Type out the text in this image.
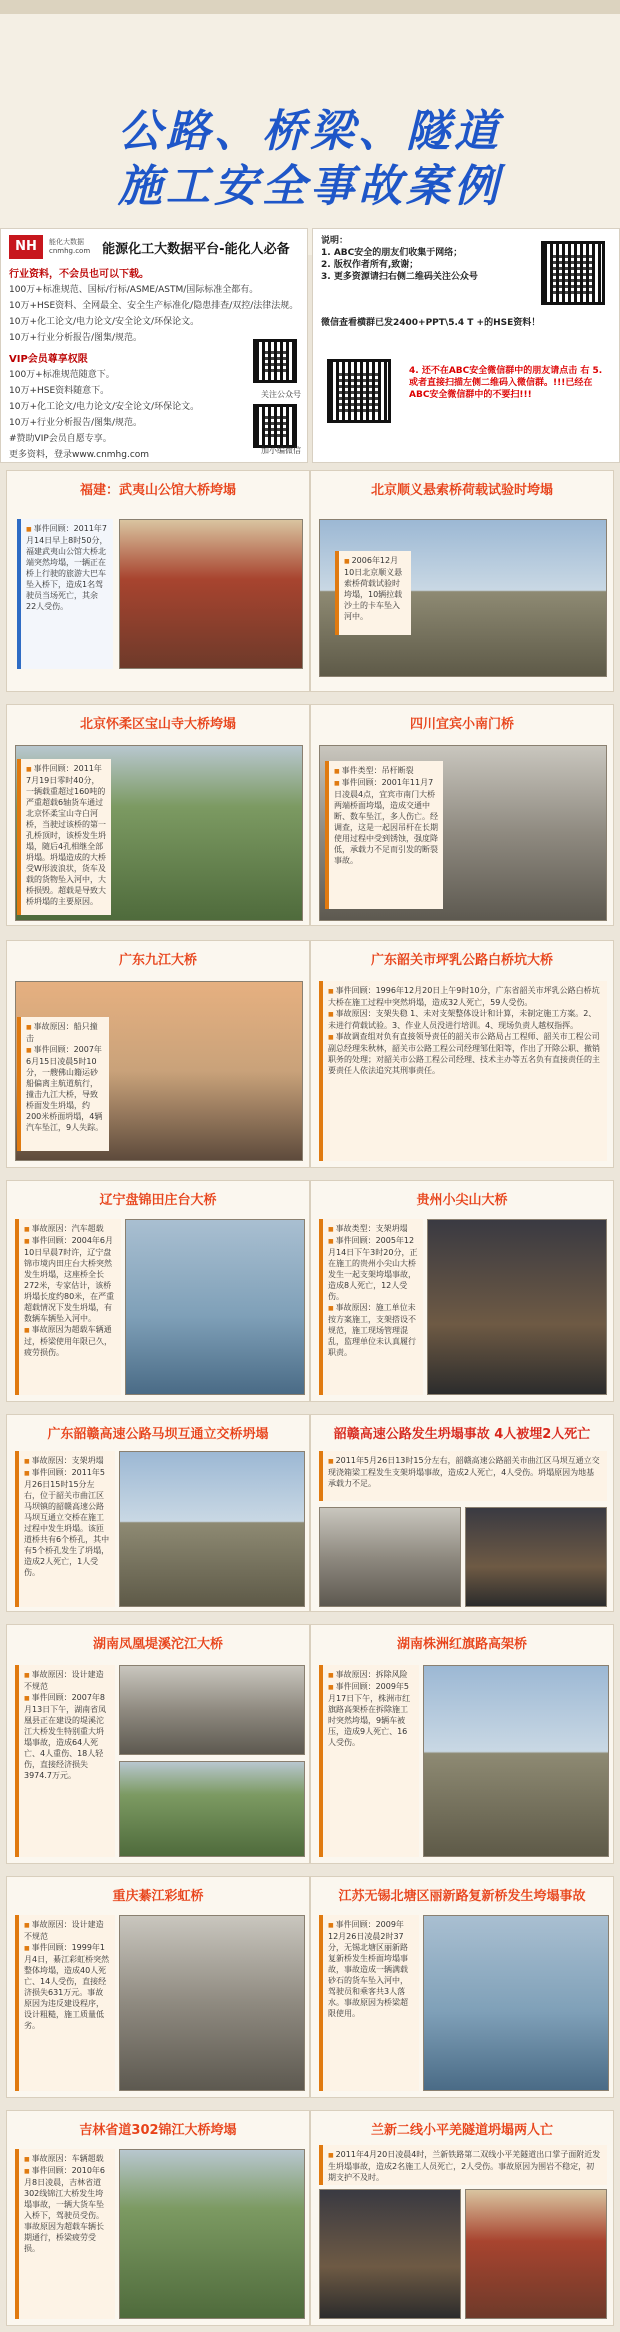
公路、桥梁、隧道
施工安全事故案例
NH	能化大数据
cnmhg.com 能源化工大数据平台-能化人必备
行业资料，不会员也可以下载。
100万+标准规范、国标/行标/ASME/ASTM/国际标准全都有。
10万+HSE资料、全网最全、安全生产标准化/隐患排查/双控/法律法规。
10万+化工论文/电力论文/安全论文/环保论文。
10万+行业分析报告/图集/规范。
VIP会员尊享权限
100万+标准规范随意下。
10万+HSE资料随意下。
10万+化工论文/电力论文/安全论文/环保论文。
10万+行业分析报告/图集/规范。
#赞助VIP会员自愿专享。
更多资料，登录www.cnmhg.com
关注公众号
加小编微信
说明：
1. ABC安全的朋友们收集于网络；
2. 版权作者所有,致谢；
3. 更多资源请扫右侧二维码关注公众号
微信查看横群已发2400+PPT\5.4 T +的HSE资料！
4. 还不在ABC安全微信群中的朋友请点击 右 5. 或者直接扫描左侧二维码入微信群。!!!已经在ABC安全微信群中的不要扫!!!
福建：武夷山公馆大桥垮塌

■ 事件回顾：2011年7月14日早上8时50分，福建武夷山公馆大桥北端突然垮塌，一辆正在桥上行驶的旅游大巴车坠入桥下，造成1名驾驶员当场死亡，其余22人受伤。

北京顺义悬索桥荷载试验时垮塌

■ 2006年12月10日北京顺义悬索桥荷载试验时垮塌，10辆拉载沙土的卡车坠入河中。

北京怀柔区宝山寺大桥垮塌

■ 事件回顾：2011年7月19日零时40分，一辆载重超过160吨的严重超载6轴货车通过北京怀柔宝山寺白河桥，当驶过该桥的第一孔桥顶时，该桥发生坍塌，随后4孔相继全部坍塌。坍塌造成的大桥受W形波浪状，货车及载的货物坠入河中，大桥损毁。超载是导致大桥坍塌的主要原因。

四川宜宾小南门桥

■ 事件类型：吊杆断裂

■ 事件回顾：2001年11月7日凌晨4点，宜宾市南门大桥两端桥面垮塌，造成交通中断、数车坠江，多人伤亡。经调查，这是一起因吊杆在长期使用过程中受到锈蚀，强度降低，承载力不足而引发的断裂事故。

广东九江大桥

■ 事故原因：船只撞击

■ 事件回顾：2007年6月15日凌晨5时10分，一艘佛山籍运砂船偏离主航道航行，撞击九江大桥，导致桥面发生坍塌，约200米桥面坍塌，4辆汽车坠江，9人失踪。

广东韶关市坪乳公路白桥坑大桥

■ 事件回顾：1996年12月20日上午9时10分，广东省韶关市坪乳公路白桥坑大桥在施工过程中突然坍塌，造成32人死亡，59人受伤。

■ 事故原因：支架失稳 1、未对支架整体设计和计算，未制定施工方案。2、未进行荷载试验。3、作业人员没进行培训。4、现场负责人越权指挥。

■ 事故调查组对负有直接领导责任的韶关市公路局占工程师、韶关市工程公司副总经理朱秋林，韶关市公路工程公司经理邹仕阳等，作出了开除公职、撤销职务的处理；对韶关市公路工程公司经理、技术主办等五名负有直接责任的主要责任人依法追究其刑事责任。

辽宁盘锦田庄台大桥

■ 事故原因：汽车超载

■ 事件回顾：2004年6月10日早晨7时许，辽宁盘锦市境内田庄台大桥突然发生坍塌，这座桥全长272米，专家估计，该桥坍塌长度约80米，在严重超载情况下发生坍塌，有数辆车辆坠入河中。

■ 事故原因为超载车辆通过，桥梁使用年限已久，疲劳损伤。

贵州小尖山大桥

■ 事故类型：支架坍塌

■ 事件回顾：2005年12月14日下午3时20分，正在施工的贵州小尖山大桥发生一起支架垮塌事故，造成8人死亡，12人受伤。

■ 事故原因：施工单位未按方案施工，支架搭设不规范，施工现场管理混乱，监理单位未认真履行职责。

广东韶赣高速公路马坝互通立交桥坍塌

■ 事故原因：支架坍塌

■ 事件回顾：2011年5月26日15时15分左右，位于韶关市曲江区马坝镇的韶赣高速公路马坝互通立交桥在施工过程中发生坍塌。该匝道桥共有6个桥孔，其中有5个桥孔发生了坍塌，造成2人死亡，1人受伤。

韶赣高速公路发生坍塌事故 4人被埋2人死亡

■ 2011年5月26日13时15分左右，韶赣高速公路韶关市曲江区马坝互通立交现浇箱梁工程发生支架坍塌事故，造成2人死亡，4人受伤。坍塌原因为地基承载力不足。

湖南凤凰堤溪沱江大桥

■ 事故原因：设计建造不规范

■ 事件回顾：2007年8月13日下午，湖南省凤凰县正在建设的堤溪沱江大桥发生特别重大坍塌事故，造成64人死亡、4人重伤、18人轻伤，直接经济损失3974.7万元。

湖南株洲红旗路高架桥

■ 事故原因：拆除风险

■ 事件回顾：2009年5月17日下午，株洲市红旗路高架桥在拆除施工时突然垮塌，9辆车被压，造成9人死亡、16人受伤。

重庆綦江彩虹桥

■ 事故原因：设计建造不规范

■ 事件回顾：1999年1月4日，綦江彩虹桥突然整体垮塌，造成40人死亡、14人受伤，直接经济损失631万元。事故原因为违反建设程序，设计粗糙，施工质量低劣。

江苏无锡北塘区丽新路复新桥发生垮塌事故

■ 事件回顾：2009年12月26日凌晨2时37分，无锡北塘区丽新路复新桥发生桥面垮塌事故，事故造成一辆满载砂石的货车坠入河中，驾驶员和乘客共3人落水。事故原因为桥梁超限使用。

吉林省道302锦江大桥垮塌

■ 事故原因：车辆超载

■ 事件回顾：2010年6月8日凌晨，吉林省道302线锦江大桥发生垮塌事故，一辆大货车坠入桥下，驾驶员受伤。事故原因为超载车辆长期通行，桥梁疲劳受损。

兰新二线小平羌隧道坍塌两人亡

■ 2011年4月20日凌晨4时，兰新铁路第二双线小平羌隧道出口掌子面附近发生坍塌事故，造成2名施工人员死亡，2人受伤。事故原因为围岩不稳定，初期支护不及时。
